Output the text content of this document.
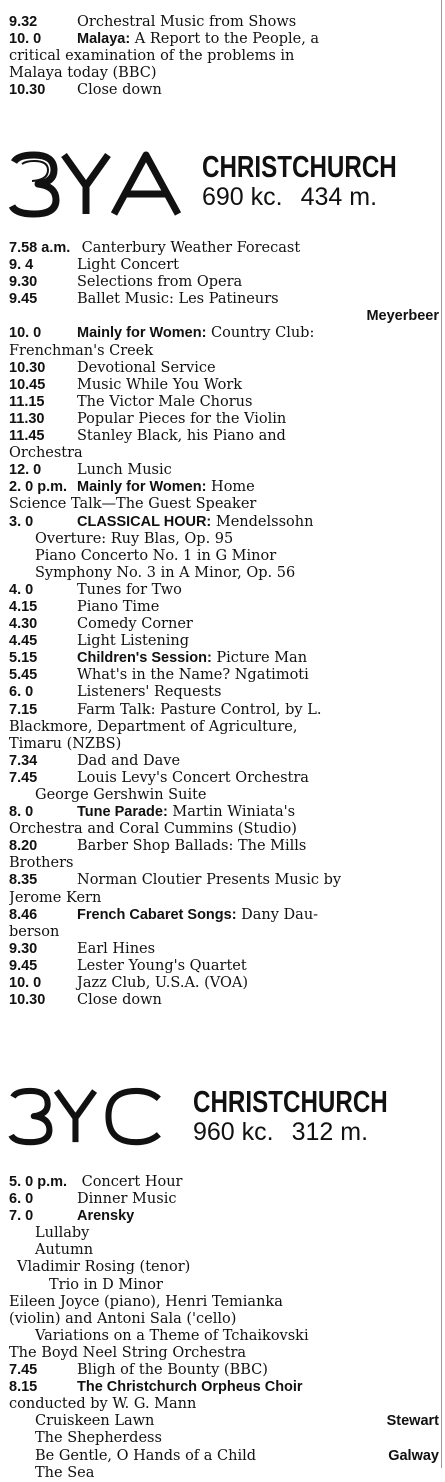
9.32	Orchestral Music from Shows
10. 0 Malaya: A Report to the People, a
critical examination of the problems in
Malaya today (BBC)
10.30 Close down
CHRISTCHURCH
690 kc. 434 m.
7.58 a.m. Canterbury Weather Forecast
9. 4	Light Concert
9.30	Selections from Opera
9.45	Ballet Music: Les Patineurs
Meyerbeer
10. 0 Mainly for Women: Country Club:
Frenchman's Creek
10.30 Devotional Service
10.45 Music While You Work
11.15 The Victor Male Chorus
11.30 Popular Pieces for the Violin
11.45 Stanley Black, his Piano and
Orchestra
12. 0 Lunch Music
2. 0 p.m. Mainly for Women: Home
Science Talk—The Guest Speaker
3. 0	CLASSICAL HOUR: Mendelssohn
Overture: Ruy Blas, Op. 95
Piano Concerto No. 1 in G Minor
Symphony No. 3 in A Minor, Op. 56
4. 0	Tunes for Two
4.15	Piano Time
4.30	Comedy Corner
4.45	Light Listening
5.15	Children's Session: Picture Man
5.45	What's in the Name? Ngatimoti
6. 0	Listeners' Requests
7.15	Farm Talk: Pasture Control, by L.
Blackmore, Department of Agriculture,
Timaru (NZBS)
7.34	Dad and Dave
7.45	Louis Levy's Concert Orchestra
George Gershwin Suite
8. 0	Tune Parade: Martin Winiata's
Orchestra and Coral Cummins (Studio)
8.20	Barber Shop Ballads: The Mills
Brothers
8.35	Norman Cloutier Presents Music by
Jerome Kern
8.46	French Cabaret Songs: Dany Dau-
berson
9.30	Earl Hines
9.45	Lester Young's Quartet
10. 0 Jazz Club, U.S.A. (VOA)
10.30 Close down
CHRISTCHURCH
960 kc. 312 m.
5. 0 p.m. Concert Hour
6. 0	Dinner Music
7. 0	Arensky
Lullaby
Autumn
Vladimir Rosing (tenor)
Trio in D Minor
Eileen Joyce (piano), Henri Temianka
(violin) and Antoni Sala ('cello)
Variations on a Theme of Tchaikovski
The Boyd Neel String Orchestra
7.45	Bligh of the Bounty (BBC)
8.15	The Christchurch Orpheus Choir
conducted by W. G. Mann
Stewart
Cruiskeen Lawn
The Shepherdess
Galway
Be Gentle, O Hands of a Child
The Sea
